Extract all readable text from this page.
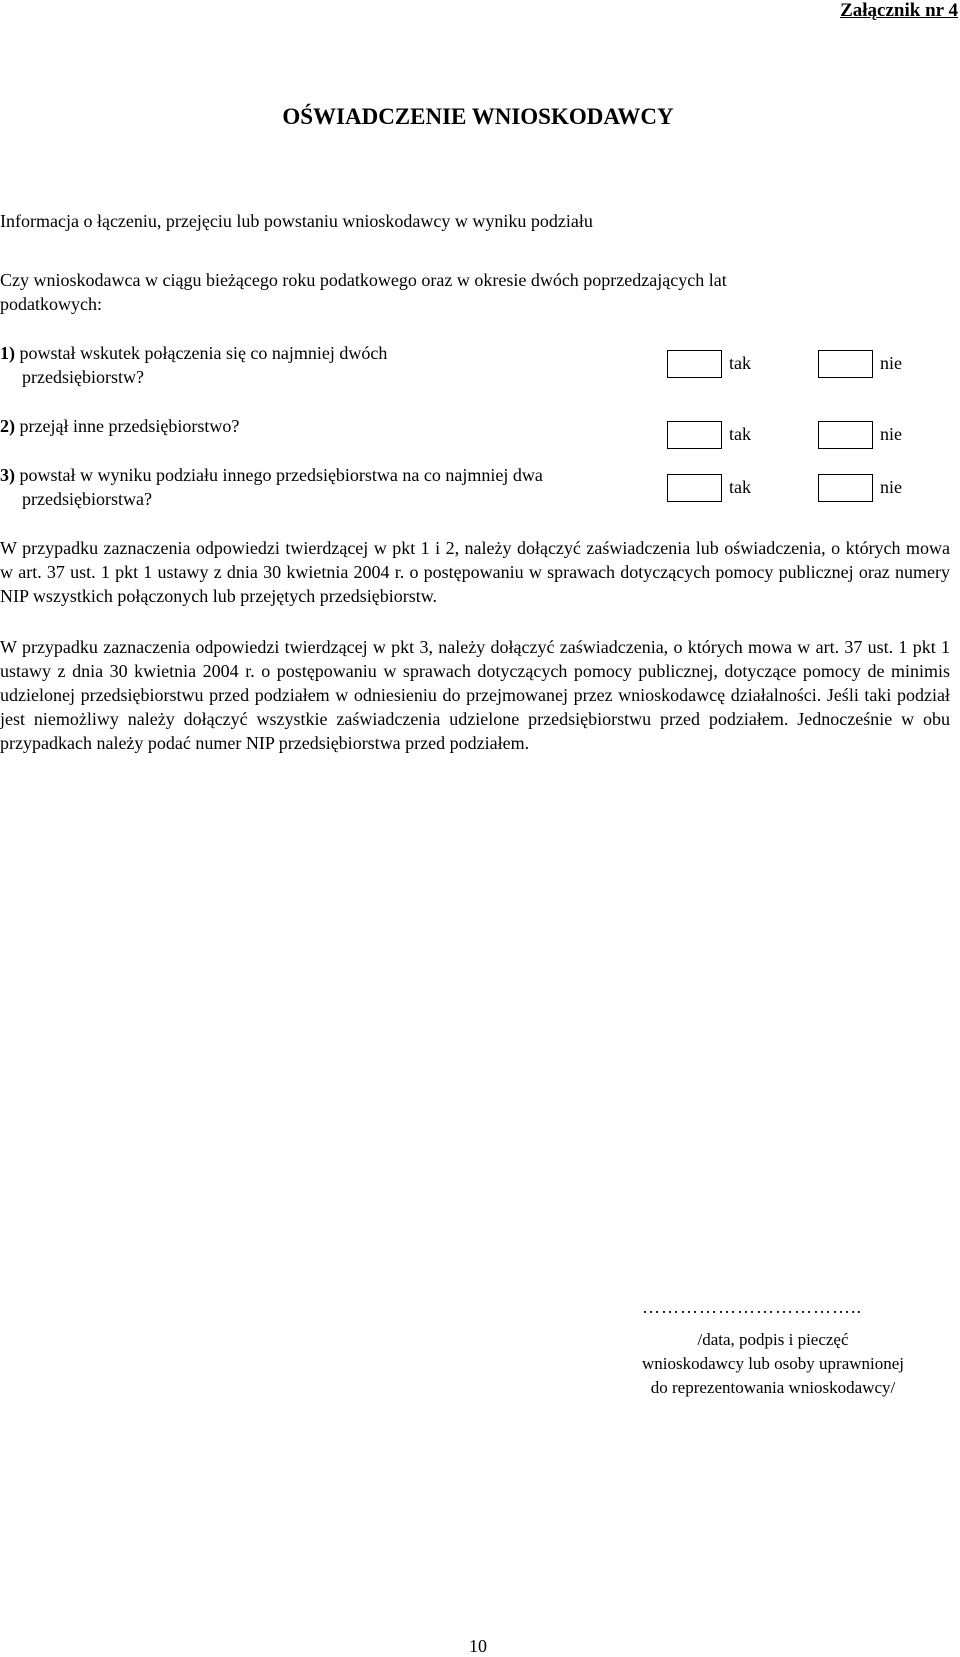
Załącznik nr 4
OŚWIADCZENIE WNIOSKODAWCY
Informacja o łączeniu, przejęciu lub powstaniu wnioskodawcy w wyniku podziału
Czy wnioskodawca w ciągu bieżącego roku podatkowego oraz w okresie dwóch poprzedzających lat
podatkowych:
1) powstał wskutek połączenia się co najmniej dwóch
przedsiębiorstw?
tak	nie
2) przejął inne przedsiębiorstwo?	tak	nie
3) powstał w wyniku podziału innego przedsiębiorstwa na co najmniej dwa
przedsiębiorstwa?
tak	nie
W przypadku zaznaczenia odpowiedzi twierdzącej w pkt 1 i 2, należy dołączyć zaświadczenia lub oświadczenia, o których mowa w art. 37 ust. 1 pkt 1 ustawy z dnia 30 kwietnia 2004 r. o postępowaniu w sprawach dotyczących pomocy publicznej oraz numery NIP wszystkich połączonych lub przejętych przedsiębiorstw.
W przypadku zaznaczenia odpowiedzi twierdzącej w pkt 3, należy dołączyć zaświadczenia, o których mowa w art. 37 ust. 1 pkt 1 ustawy z dnia 30 kwietnia 2004 r. o postępowaniu w sprawach dotyczących pomocy publicznej, dotyczące pomocy de minimis udzielonej przedsiębiorstwu przed podziałem w odniesieniu do przejmowanej przez wnioskodawcę działalności. Jeśli taki podział jest niemożliwy należy dołączyć wszystkie zaświadczenia udzielone przedsiębiorstwu przed podziałem. Jednocześnie w obu przypadkach należy podać numer NIP przedsiębiorstwa przed podziałem.
……………………………..
/data, podpis i pieczęć
wnioskodawcy lub osoby uprawnionej
do reprezentowania wnioskodawcy/
10
